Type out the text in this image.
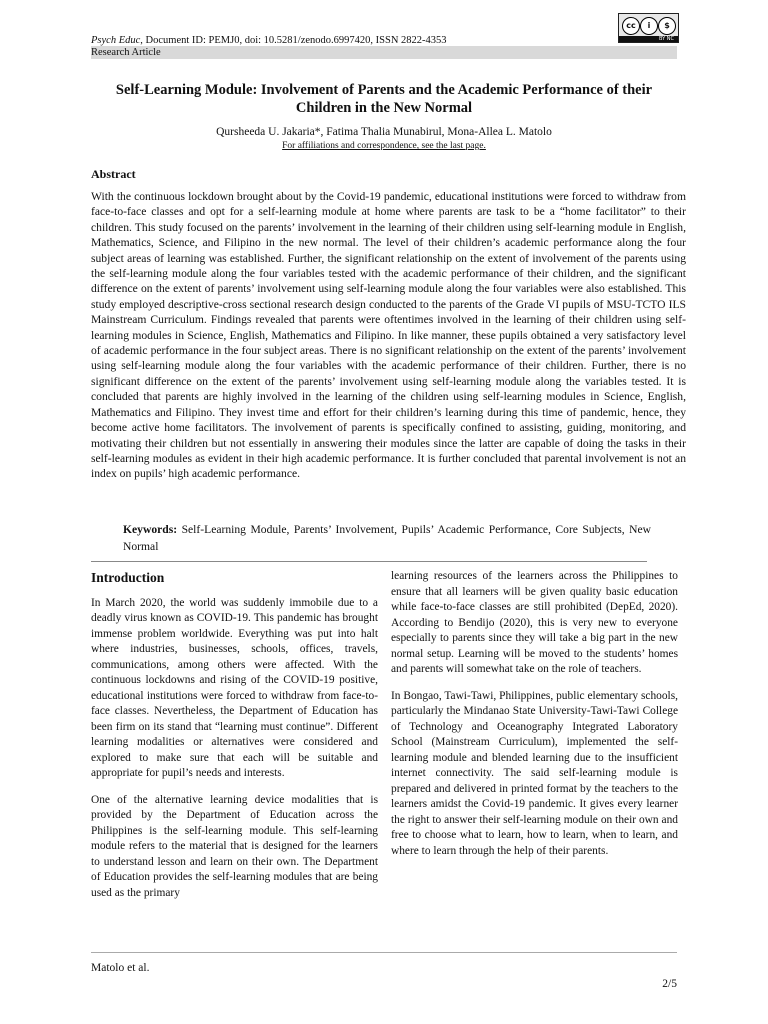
Psych Educ, Document ID: PEMJ0, doi: 10.5281/zenodo.6997420, ISSN 2822-4353
cc	i	$
BY NC
Research Article
Self-Learning Module: Involvement of Parents and the Academic Performance of their Children in the New Normal
Qursheeda U. Jakaria*, Fatima Thalia Munabirul, Mona-Allea L. Matolo
For affiliations and correspondence, see the last page.
Abstract

With the continuous lockdown brought about by the Covid-19 pandemic, educational institutions were forced to withdraw from face-to-face classes and opt for a self-learning module at home where parents are task to be a “home facilitator” to their children. This study focused on the parents’ involvement in the learning of their children using self-learning module in English, Mathematics, Science, and Filipino in the new normal. The level of their children’s academic performance along the four subject areas of learning was established. Further, the significant relationship on the extent of involvement of the parents using the self-learning module along the four variables tested with the academic performance of their children, and the significant difference on the extent of parents’ involvement using self-learning module along the four variables were also established. This study employed descriptive-cross sectional research design conducted to the parents of the Grade VI pupils of MSU-TCTO ILS Mainstream Curriculum. Findings revealed that parents were oftentimes involved in the learning of their children using self-learning modules in Science, English, Mathematics and Filipino. In like manner, these pupils obtained a very satisfactory level of academic performance in the four subject areas. There is no significant relationship on the extent of the parents’ involvement using self-learning module along the four variables with the academic performance of their children. Further, there is no significant difference on the extent of the parents’ involvement using self-learning module along the variables tested. It is concluded that parents are highly involved in the learning of the children using self-learning modules in Science, English, Mathematics and Filipino. They invest time and effort for their children’s learning during this time of pandemic, hence, they become active home facilitators. The involvement of parents is specifically confined to assisting, guiding, monitoring, and motivating their children but not essentially in answering their modules since the latter are capable of doing the tasks in their self-learning modules as evident in their high academic performance. It is further concluded that parental involvement is not an index on pupils’ high academic performance.

Keywords: Self-Learning Module, Parents’ Involvement, Pupils’ Academic Performance, Core Subjects, New Normal
Introduction

In March 2020, the world was suddenly immobile due to a deadly virus known as COVID-19. This pandemic has brought immense problem worldwide. Everything was put into halt where industries, businesses, schools, offices, travels, communications, among others were affected. With the continuous lockdowns and rising of the COVID-19 positive, educational institutions were forced to withdraw from face-to-face classes. Nevertheless, the Department of Education has been firm on its stand that “learning must continue”. Different learning modalities or alternatives were considered and explored to make sure that each will be suitable and appropriate for pupil’s needs and interests.

One of the alternative learning device modalities that is provided by the Department of Education across the Philippines is the self-learning module. This self-learning module refers to the material that is designed for the learners to understand lesson and learn on their own. The Department of Education provides the self-learning modules that are being used as the primary

learning resources of the learners across the Philippines to ensure that all learners will be given quality basic education while face-to-face classes are still prohibited (DepEd, 2020). According to Bendijo (2020), this is very new to everyone especially to parents since they will take a big part in the new normal setup. Learning will be moved to the students’ homes and parents will somewhat take on the role of teachers.

In Bongao, Tawi-Tawi, Philippines, public elementary schools, particularly the Mindanao State University-Tawi-Tawi College of Technology and Oceanography Integrated Laboratory School (Mainstream Curriculum), implemented the self-learning module and blended learning due to the insufficient internet connectivity. The said self-learning module is prepared and delivered in printed format by the teachers to the learners amidst the Covid-19 pandemic. It gives every learner the right to answer their self-learning module on their own and free to choose what to learn, how to learn, when to learn, and where to learn through the help of their parents.

Matolo et al.
2/5
